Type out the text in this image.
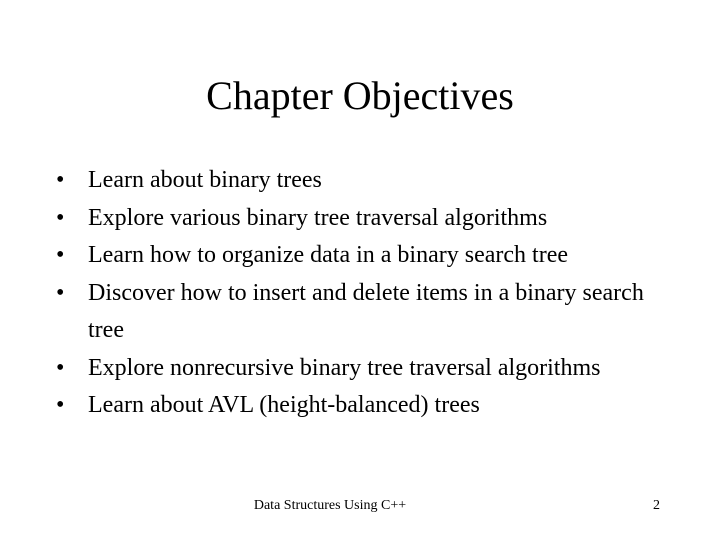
Chapter Objectives
• Learn about binary trees
• Explore various binary tree traversal algorithms
• Learn how to organize data in a binary search tree
• Discover how to insert and delete items in a binary search tree
• Explore nonrecursive binary tree traversal algorithms
• Learn about AVL (height-balanced) trees
Data Structures Using C++	2
